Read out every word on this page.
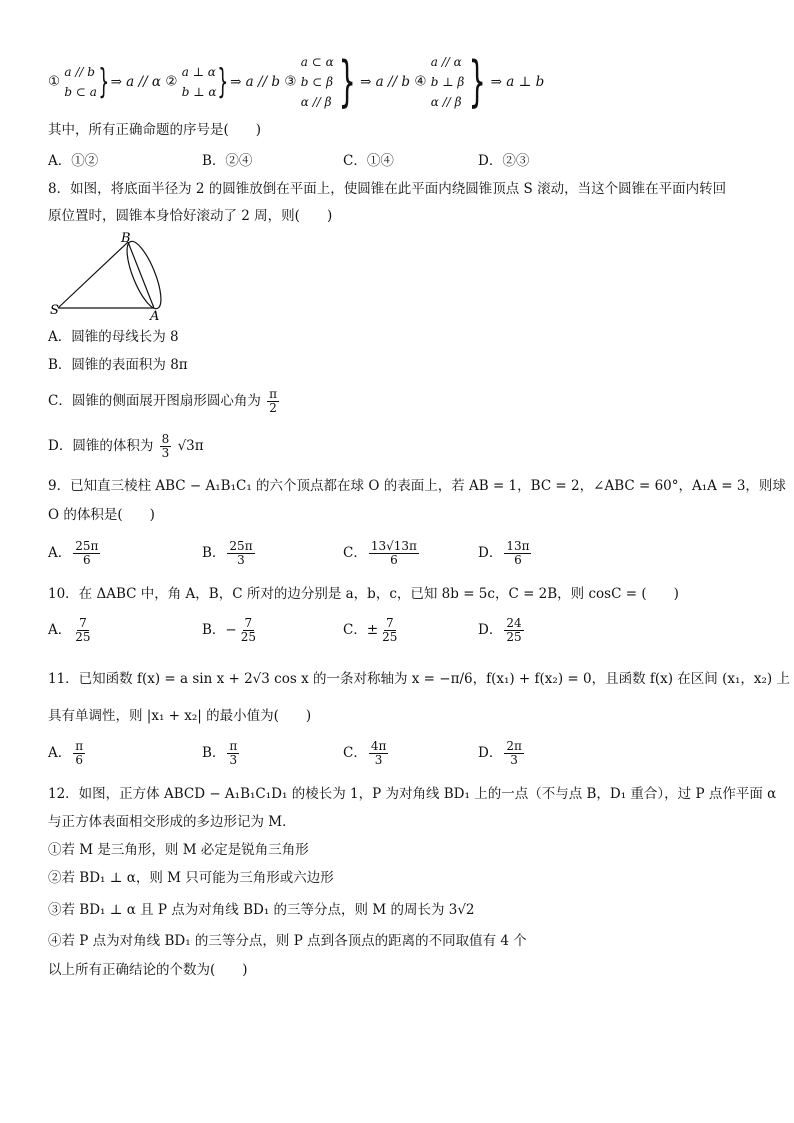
①
a // b
b ⊂ a } ⇒ a // α ②
a ⊥ α
b ⊥ α } ⇒ a // b ③
a ⊂ α
b ⊂ β
α // β } ⇒ a // b ④
a // α
b ⊥ β
α // β } ⇒ a ⊥ b
其中，所有正确命题的序号是(　　)
A．①②	B．②④	C．①④	D．②③
8．如图，将底面半径为 2 的圆锥放倒在平面上，使圆锥在此平面内绕圆锥顶点 S 滚动，当这个圆锥在平面内转回
原位置时，圆锥本身恰好滚动了 2 周，则(　　)
B
S	A
A．圆锥的母线长为 8
B．圆锥的表面积为 8π
C．圆锥的侧面展开图扇形圆心角为 $\frac{\pi}{2}$
D．圆锥的体积为 $\frac{8}{3} √3\pi$
9．已知直三棱柱 ABC − A₁B₁C₁ 的六个顶点都在球 O 的表面上，若 AB = 1，BC = 2，∠ABC = 60°，A₁A = 3，则球
O 的体积是(　　)
A． $\frac{25\pi}{6}$	B． $\frac{25\pi}{3}$	C． $\frac{13√13\pi}{6}$	D． $\frac{13\pi}{6}$
10．在 ΔABC 中，角 A，B，C 所对的边分别是 a，b，c，已知 8b = 5c，C = 2B，则 cosC = (　　)
A． $\frac{7}{25}$	B．− $\frac{7}{25}$	C．± $\frac{7}{25}$	D． $\frac{24}{25}$
11．已知函数 f(x) = a sin x + 2√3 cos x 的一条对称轴为 x = −π/6，f(x₁) + f(x₂) = 0，且函数 f(x) 在区间 (x₁，x₂) 上
具有单调性，则 |x₁ + x₂| 的最小值为(　　)
A． $\frac{\pi}{6}$	B． $\frac{\pi}{3}$	C． $\frac{4\pi}{3}$	D． $\frac{2\pi}{3}$
12．如图，正方体 ABCD − A₁B₁C₁D₁ 的棱长为 1，P 为对角线 BD₁ 上的一点（不与点 B，D₁ 重合），过 P 点作平面 α
与正方体表面相交形成的多边形记为 M．
①若 M 是三角形，则 M 必定是锐角三角形
②若 BD₁ ⊥ α，则 M 只可能为三角形或六边形
③若 BD₁ ⊥ α 且 P 点为对角线 BD₁ 的三等分点，则 M 的周长为 3√2
④若 P 点为对角线 BD₁ 的三等分点，则 P 点到各顶点的距离的不同取值有 4 个
以上所有正确结论的个数为(　　)
